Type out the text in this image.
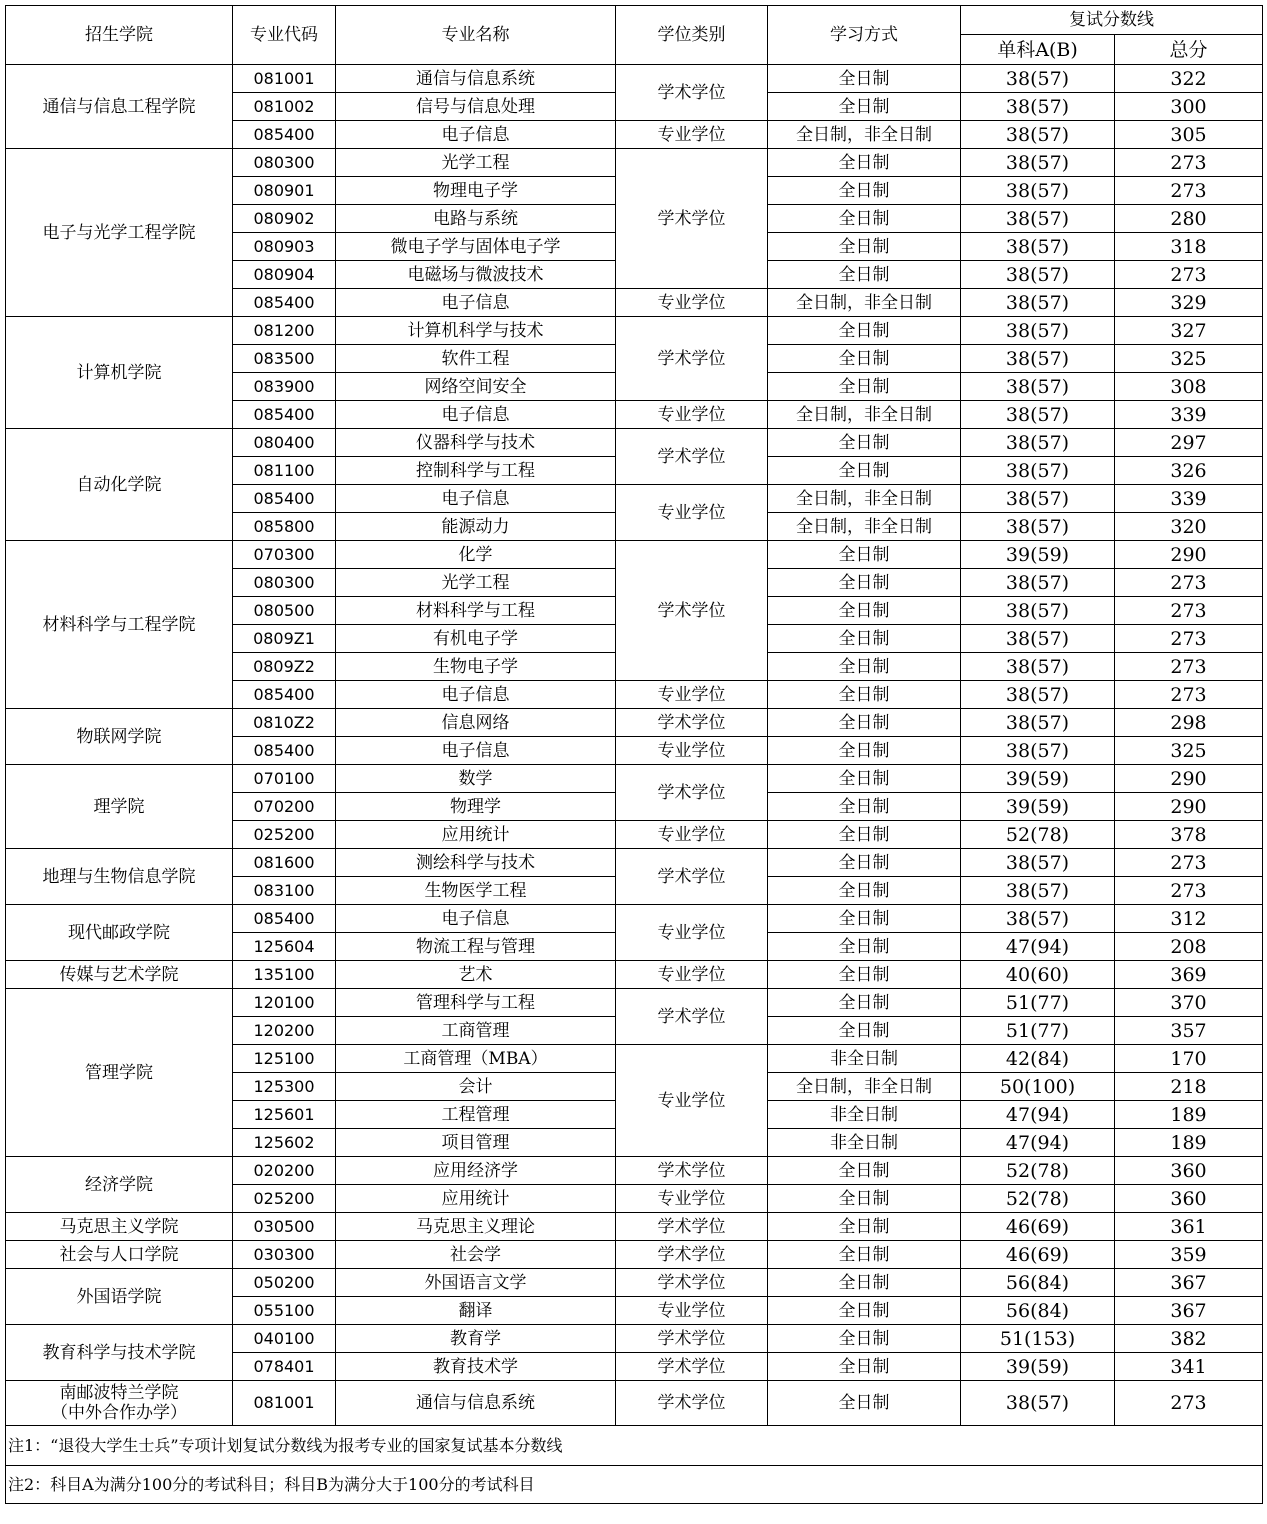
招生学院	专业代码	专业名称	学位类别	学习方式	复试分数线	
					单科A(B)	总分
通信与信息工程学院	081001	通信与信息系统	学术学位	全日制	38(57)	322
	081002	信号与信息处理		全日制	38(57)	300
	085400	电子信息	专业学位	全日制，非全日制	38(57)	305
电子与光学工程学院	080300	光学工程	学术学位	全日制	38(57)	273
	080901	物理电子学		全日制	38(57)	273
	080902	电路与系统		全日制	38(57)	280
	080903	微电子学与固体电子学		全日制	38(57)	318
	080904	电磁场与微波技术		全日制	38(57)	273
	085400	电子信息	专业学位	全日制，非全日制	38(57)	329
计算机学院	081200	计算机科学与技术	学术学位	全日制	38(57)	327
	083500	软件工程		全日制	38(57)	325
	083900	网络空间安全		全日制	38(57)	308
	085400	电子信息	专业学位	全日制，非全日制	38(57)	339
自动化学院	080400	仪器科学与技术	学术学位	全日制	38(57)	297
	081100	控制科学与工程		全日制	38(57)	326
	085400	电子信息	专业学位	全日制，非全日制	38(57)	339
	085800	能源动力		全日制，非全日制	38(57)	320
材料科学与工程学院	070300	化学	学术学位	全日制	39(59)	290
	080300	光学工程		全日制	38(57)	273
	080500	材料科学与工程		全日制	38(57)	273
	0809Z1	有机电子学		全日制	38(57)	273
	0809Z2	生物电子学		全日制	38(57)	273
	085400	电子信息	专业学位	全日制	38(57)	273
物联网学院	0810Z2	信息网络	学术学位	全日制	38(57)	298
	085400	电子信息	专业学位	全日制	38(57)	325
理学院	070100	数学	学术学位	全日制	39(59)	290
	070200	物理学		全日制	39(59)	290
	025200	应用统计	专业学位	全日制	52(78)	378
地理与生物信息学院	081600	测绘科学与技术	学术学位	全日制	38(57)	273
	083100	生物医学工程		全日制	38(57)	273
现代邮政学院	085400	电子信息	专业学位	全日制	38(57)	312
	125604	物流工程与管理		全日制	47(94)	208
传媒与艺术学院	135100	艺术	专业学位	全日制	40(60)	369
管理学院	120100	管理科学与工程	学术学位	全日制	51(77)	370
	120200	工商管理		全日制	51(77)	357
	125100	工商管理（MBA）	专业学位	非全日制	42(84)	170
	125300	会计		全日制，非全日制	50(100)	218
	125601	工程管理		非全日制	47(94)	189
	125602	项目管理		非全日制	47(94)	189
经济学院	020200	应用经济学	学术学位	全日制	52(78)	360
	025200	应用统计	专业学位	全日制	52(78)	360
马克思主义学院	030500	马克思主义理论	学术学位	全日制	46(69)	361
社会与人口学院	030300	社会学	学术学位	全日制	46(69)	359
外国语学院	050200	外国语言文学	学术学位	全日制	56(84)	367
	055100	翻译	专业学位	全日制	56(84)	367
教育科学与技术学院	040100	教育学	学术学位	全日制	51(153)	382
	078401	教育技术学	学术学位	全日制	39(59)	341

南邮波特兰学院
（中外合作办学）	081001	通信与信息系统	学术学位	全日制	38(57)	273
注1：“退役大学生士兵”专项计划复试分数线为报考专业的国家复试基本分数线						
注2：科目A为满分100分的考试科目；科目B为满分大于100分的考试科目						
